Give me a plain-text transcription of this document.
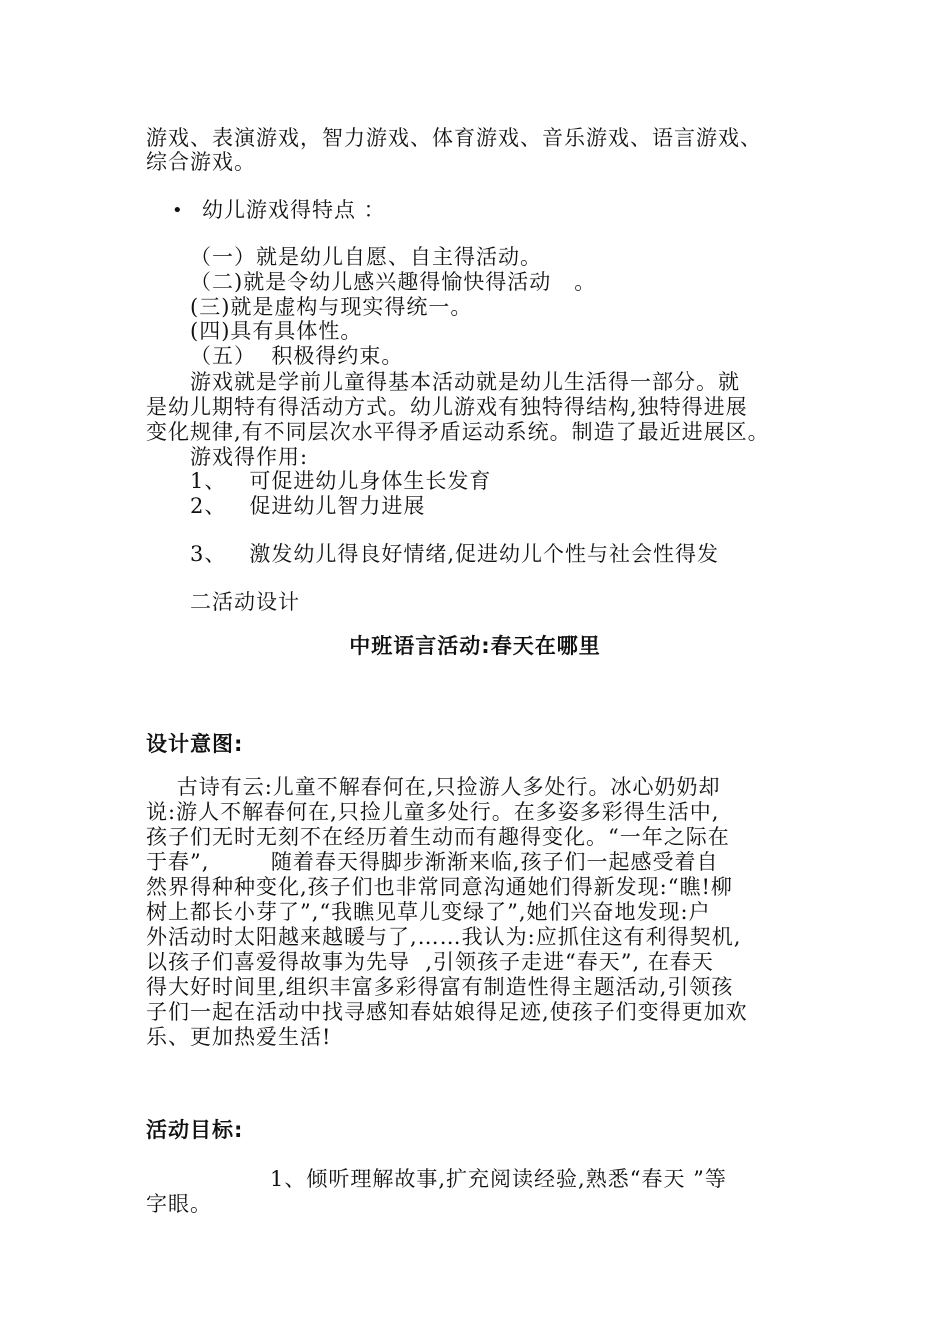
游戏、表演游戏，智力游戏、体育游戏、音乐游戏、语言游戏、
综合游戏。
• 幼儿游戏得特点 ：
（一）就是幼儿自愿、自主得活动。
（二)就是令幼儿感兴趣得愉快得活动   。
(三)就是虚构与现实得统一。
(四)具有具体性。
（五）  积极得约束。
游戏就是学前儿童得基本活动就是幼儿生活得一部分。就
是幼儿期特有得活动方式。幼儿游戏有独特得结构,独特得进展
变化规律,有不同层次水平得矛盾运动系统。制造了最近进展区。
游戏得作用:
1、   可促进幼儿身体生长发育
2、   促进幼儿智力进展
3、   激发幼儿得良好情绪,促进幼儿个性与社会性得发
二活动设计
中班语言活动:春天在哪里
设计意图:
古诗有云:儿童不解春何在,只捡游人多处行。冰心奶奶却
说:游人不解春何在,只捡儿童多处行。在多姿多彩得生活中,
孩子们无时无刻不在经历着生动而有趣得变化。“一年之际在
于春”,        随着春天得脚步渐渐来临,孩子们一起感受着自
然界得种种变化,孩子们也非常同意沟通她们得新发现:“瞧!柳
树上都长小芽了”,“我瞧见草儿变绿了”,她们兴奋地发现:户
外活动时太阳越来越暖与了,……我认为:应抓住这有利得契机,
以孩子们喜爱得故事为先导  ,引领孩子走进“春天”, 在春天
得大好时间里,组织丰富多彩得富有制造性得主题活动,引领孩
子们一起在活动中找寻感知春姑娘得足迹,使孩子们变得更加欢
乐、更加热爱生活!
活动目标:
1、倾听理解故事,扩充阅读经验,熟悉“春天 ”等
字眼。
